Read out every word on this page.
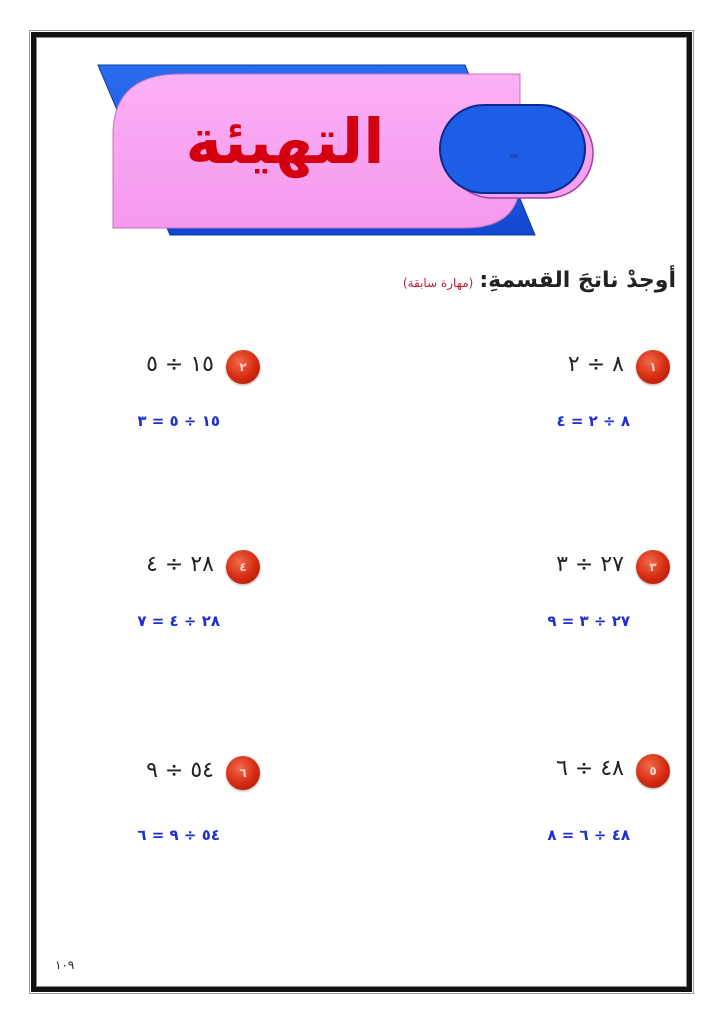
التهيئة
أوجدْ ناتجَ القسمةِ:(مهارة سابقة)
١
٨ ÷ ٢
٨ ÷ ٢ = ٤
٢
١٥ ÷ ٥
١٥ ÷ ٥ = ٣
٣
٢٧ ÷ ٣
٢٧ ÷ ٣ = ٩
٤
٢٨ ÷ ٤
٢٨ ÷ ٤ = ٧
٥
٤٨ ÷ ٦
٤٨ ÷ ٦ = ٨
٦
٥٤ ÷ ٩
٥٤ ÷ ٩ = ٦
١٠٩
